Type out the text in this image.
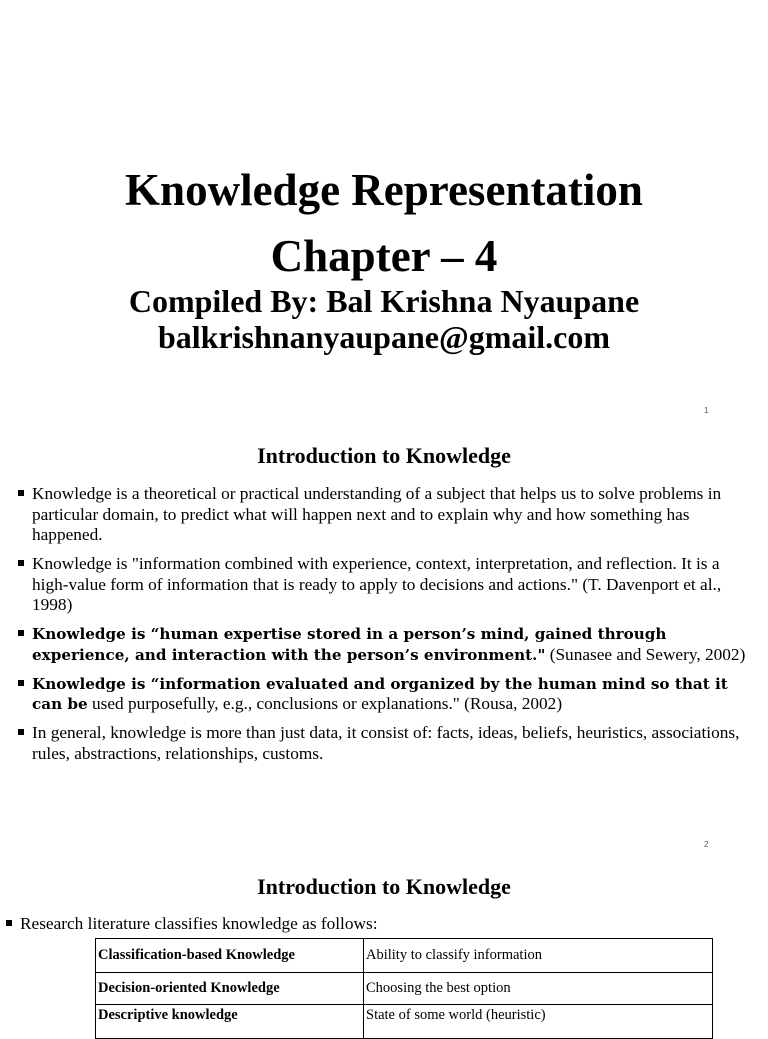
Knowledge Representation
Chapter – 4
Compiled By: Bal Krishna Nyaupane
balkrishnanyaupane@gmail.com
1
Introduction to Knowledge
Knowledge is a theoretical or practical understanding of a subject that helps us to solve problems in particular domain, to predict what will happen next and to explain why and how something has happened.
Knowledge is "information combined with experience, context, interpretation, and reflection. It is a high-value form of information that is ready to apply to decisions and actions." (T. Davenport et al., 1998)
Knowledge is “human expertise stored in a person’s mind, gained through experience, and interaction with the person’s environment." (Sunasee and Sewery, 2002)
Knowledge is “information evaluated and organized by the human mind so that it can be used purposefully, e.g., conclusions or explanations." (Rousa, 2002)
In general, knowledge is more than just data, it consist of: facts, ideas, beliefs, heuristics, associations, rules, abstractions, relationships, customs.
2
Introduction to Knowledge
Research literature classifies knowledge as follows:
Classification-based Knowledge	Ability to classify information
Decision-oriented Knowledge	Choosing the best option
Descriptive knowledge	State of some world (heuristic)
